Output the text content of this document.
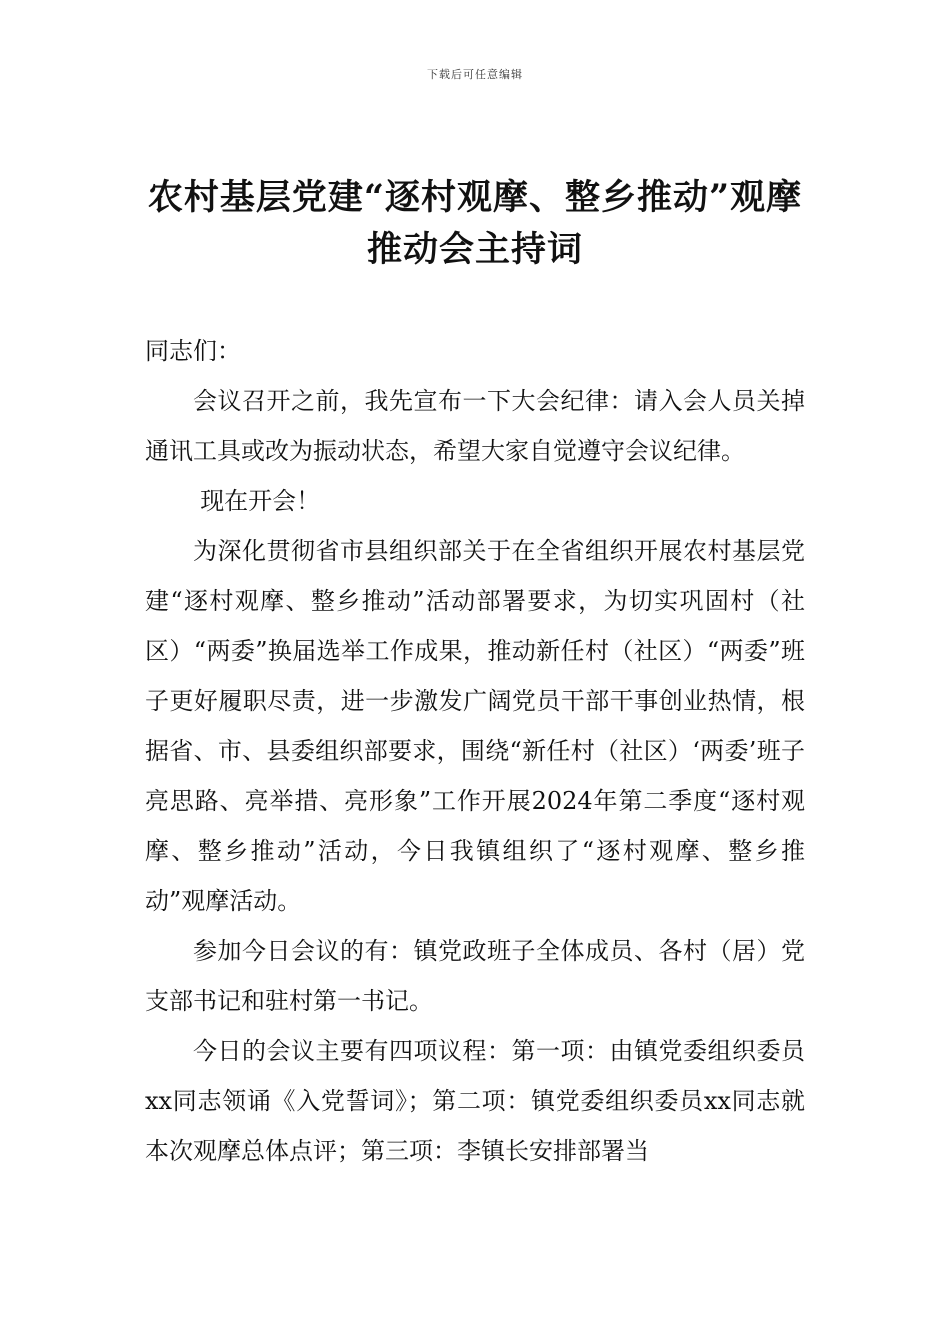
下载后可任意编辑
农村基层党建“逐村观摩、整乡推动”观摩推动会主持词

同志们：

会议召开之前，我先宣布一下大会纪律：请入会人员关掉通讯工具或改为振动状态，希望大家自觉遵守会议纪律。

现在开会！

为深化贯彻省市县组织部关于在全省组织开展农村基层党建“逐村观摩、整乡推动”活动部署要求，为切实巩固村（社区）“两委”换届选举工作成果，推动新任村（社区）“两委”班子更好履职尽责，进一步激发广阔党员干部干事创业热情，根据省、市、县委组织部要求，围绕“新任村（社区）‘两委’班子亮思路、亮举措、亮形象”工作开展2024年第二季度“逐村观摩、整乡推动”活动，今日我镇组织了“逐村观摩、整乡推动”观摩活动。

参加今日会议的有：镇党政班子全体成员、各村（居）党支部书记和驻村第一书记。

今日的会议主要有四项议程：第一项：由镇党委组织委员xx同志领诵《入党誓词》；第二项：镇党委组织委员xx同志就本次观摩总体点评；第三项：李镇长安排部署当
